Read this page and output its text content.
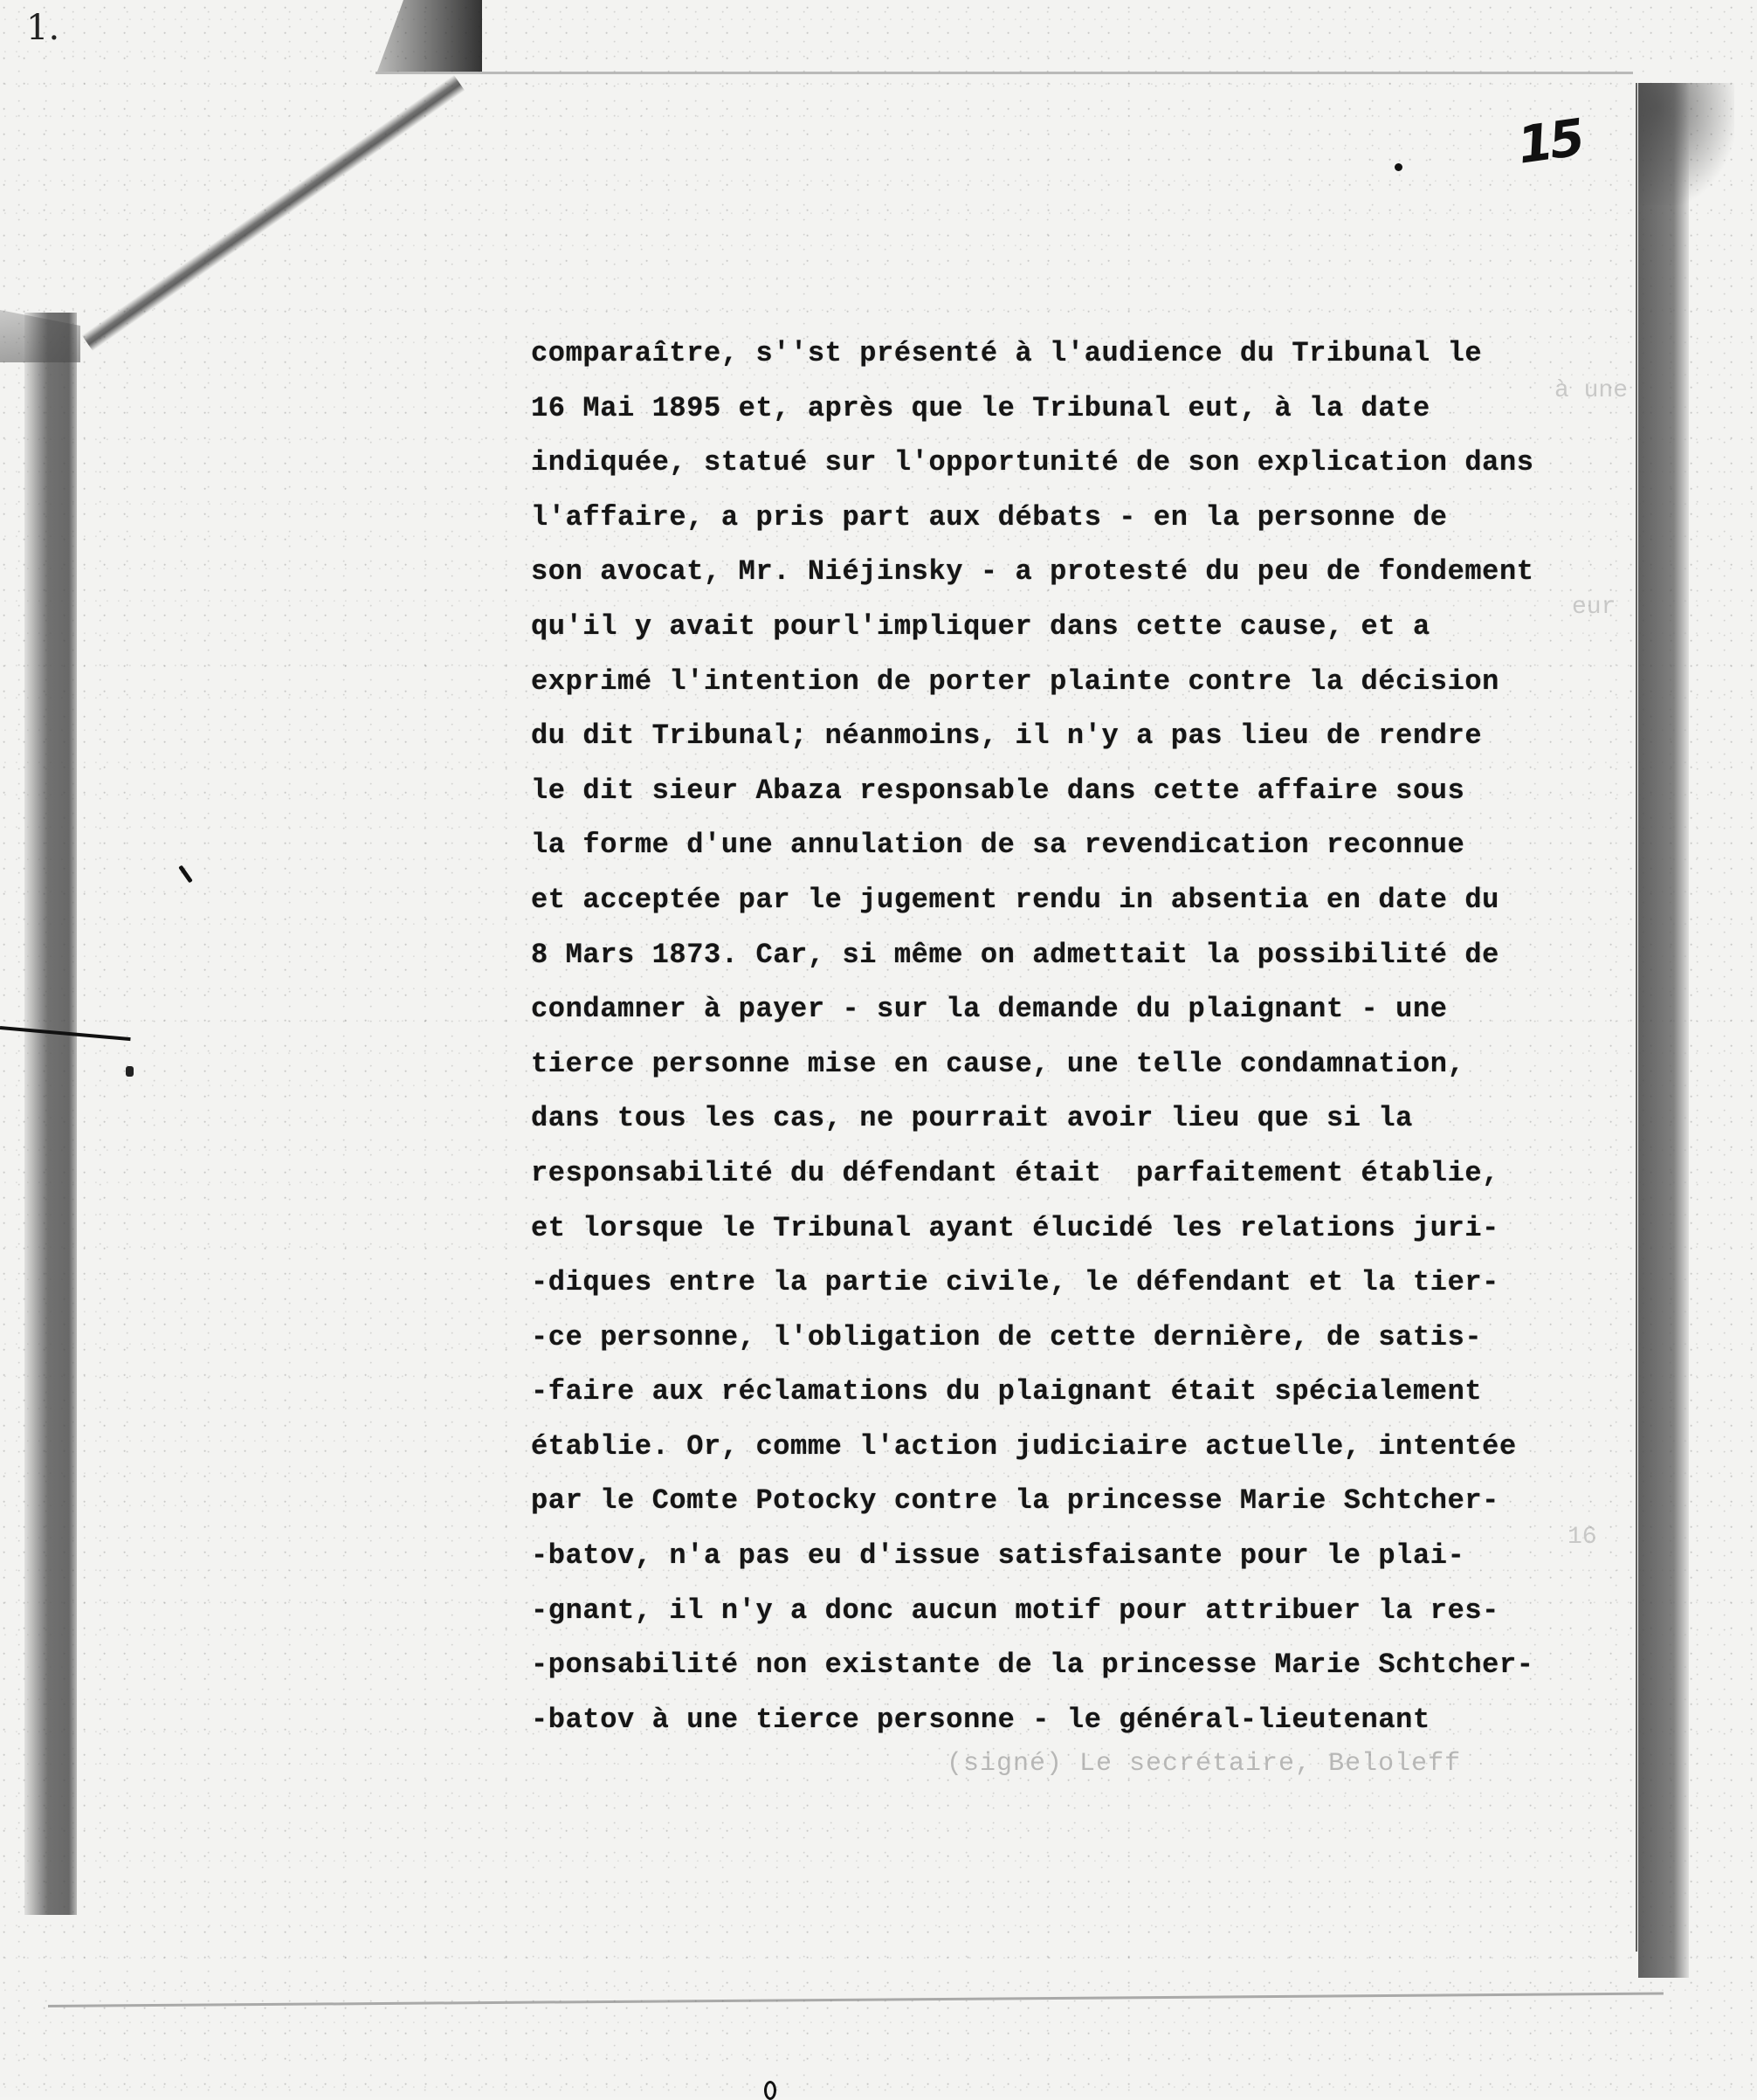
1.
15
à une
eur
16
comparaître, s''st présenté à l'audience du Tribunal le
16 Mai 1895 et, après que le Tribunal eut, à la date
indiquée, statué sur l'opportunité de son explication dans
l'affaire, a pris part aux débats - en la personne de
son avocat, Mr. Niéjinsky - a protesté du peu de fondement
qu'il y avait pourl'impliquer dans cette cause, et a
exprimé l'intention de porter plainte contre la décision
du dit Tribunal; néanmoins, il n'y a pas lieu de rendre
le dit sieur Abaza responsable dans cette affaire sous
la forme d'une annulation de sa revendication reconnue
et acceptée par le jugement rendu in absentia en date du
8 Mars 1873. Car, si même on admettait la possibilité de
condamner à payer - sur la demande du plaignant - une
tierce personne mise en cause, une telle condamnation,
dans tous les cas, ne pourrait avoir lieu que si la
responsabilité du défendant était  parfaitement établie,
et lorsque le Tribunal ayant élucidé les relations juri-
-diques entre la partie civile, le défendant et la tier-
-ce personne, l'obligation de cette dernière, de satis-
-faire aux réclamations du plaignant était spécialement
établie. Or, comme l'action judiciaire actuelle, intentée
par le Comte Potocky contre la princesse Marie Schtcher-
-batov, n'a pas eu d'issue satisfaisante pour le plai-
-gnant, il n'y a donc aucun motif pour attribuer la res-
-ponsabilité non existante de la princesse Marie Schtcher-
-batov à une tierce personne - le général-lieutenant
(signé) Le secrétaire, Beloleff
